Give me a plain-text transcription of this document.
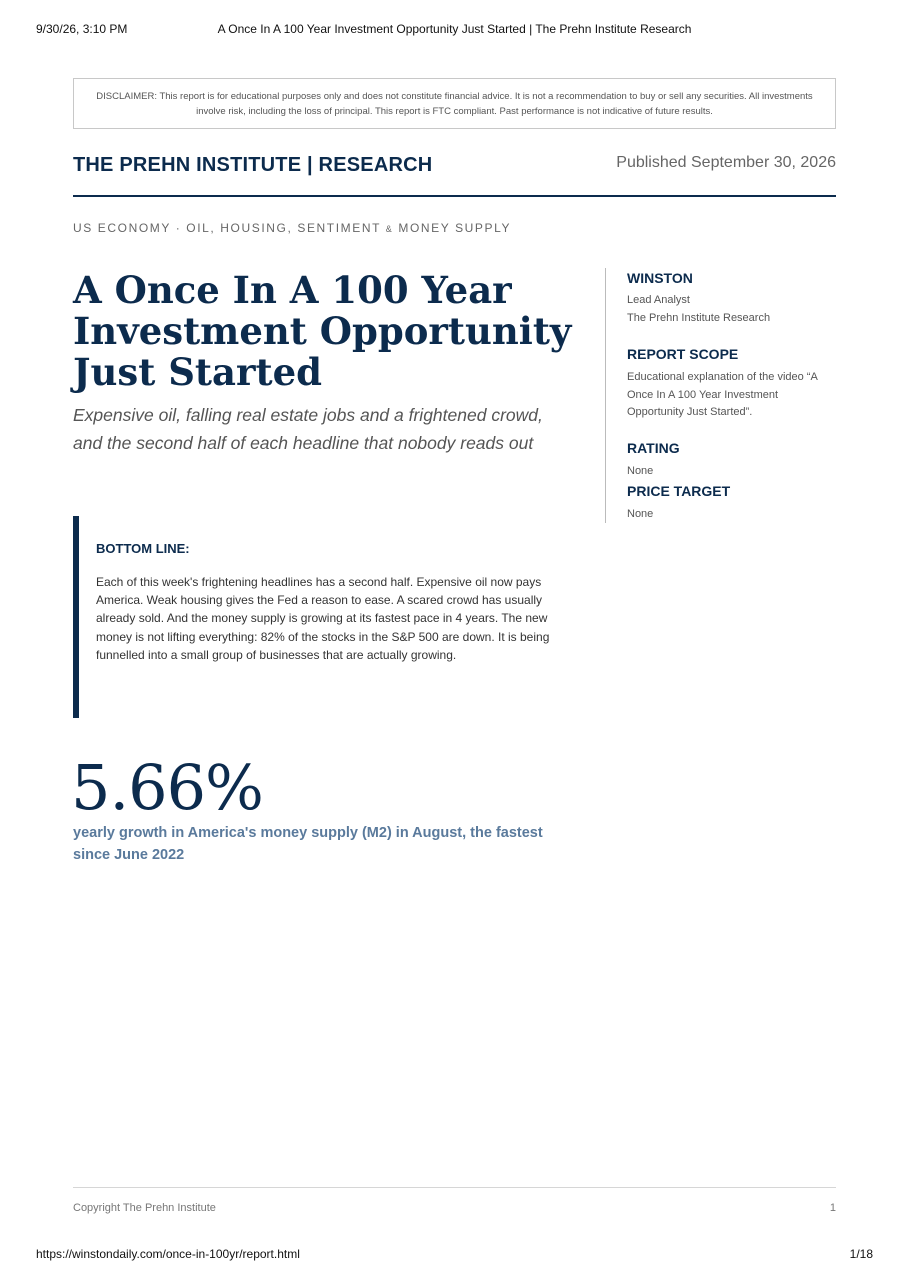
9/30/26, 3:10 PM	A Once In A 100 Year Investment Opportunity Just Started | The Prehn Institute Research
DISCLAIMER: This report is for educational purposes only and does not constitute financial advice. It is not a recommendation to buy or sell any securities. All investments involve risk, including the loss of principal. This report is FTC compliant. Past performance is not indicative of future results.
THE PREHN INSTITUTE | RESEARCH	Published September 30, 2026
US ECONOMY · OIL, HOUSING, SENTIMENT & MONEY SUPPLY
A Once In A 100 Year Investment Opportunity Just Started

Expensive oil, falling real estate jobs and a frightened crowd, and the second half of each headline that nobody reads out

WINSTON
Lead Analyst
The Prehn Institute Research
REPORT SCOPE
Educational explanation of the video “A Once In A 100 Year Investment Opportunity Just Started”.
RATING
None
PRICE TARGET
None
BOTTOM LINE:
Each of this week's frightening headlines has a second half. Expensive oil now pays America. Weak housing gives the Fed a reason to ease. A scared crowd has usually already sold. And the money supply is growing at its fastest pace in 4 years. The new money is not lifting everything: 82% of the stocks in the S&P 500 are down. It is being funnelled into a small group of businesses that are actually growing.
5.66%
yearly growth in America's money supply (M2) in August, the fastest since June 2022
Copyright The Prehn Institute	1
https://winstondaily.com/once-in-100yr/report.html	1/18
